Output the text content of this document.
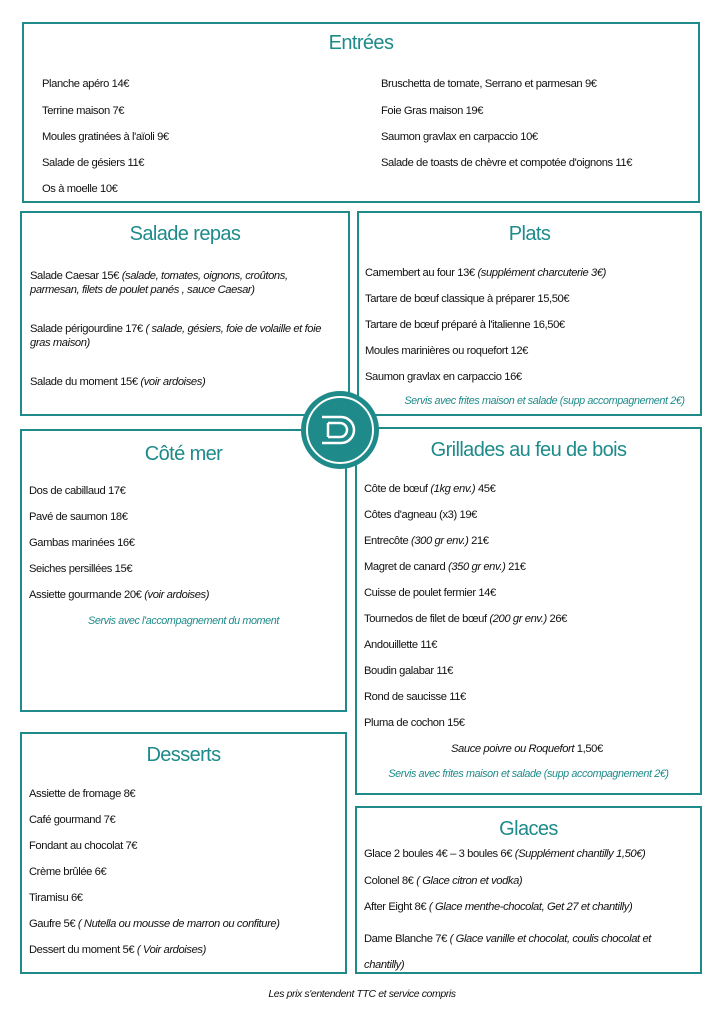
Entrées
Planche apéro 14€
Terrine maison 7€
Moules gratinées à l'aïoli 9€
Salade de gésiers 11€
Os à moelle 10€
Bruschetta de tomate, Serrano et parmesan 9€
Foie Gras maison 19€
Saumon gravlax en carpaccio 10€
Salade de toasts de chèvre et compotée d'oignons 11€
Salade repas
Salade Caesar 15€ (salade, tomates, oignons, croûtons, parmesan, filets de poulet panés , sauce Caesar)
Salade périgourdine 17€ ( salade, gésiers, foie de volaille et foie gras maison)
Salade du moment 15€ (voir ardoises)
Plats
Camembert au four 13€ (supplément charcuterie 3€)
Tartare de bœuf classique à préparer 15,50€
Tartare de bœuf préparé à l'italienne 16,50€
Moules marinières ou roquefort 12€
Saumon gravlax en carpaccio 16€
Servis avec frites maison et salade (supp accompagnement 2€)
Côté mer
Dos de cabillaud 17€
Pavé de saumon 18€
Gambas marinées 16€
Seiches persillées 15€
Assiette gourmande 20€ (voir ardoises)
Servis avec l'accompagnement du moment
Grillades au feu de bois
Côte de bœuf (1kg env.) 45€
Côtes d'agneau (x3) 19€
Entrecôte (300 gr env.) 21€
Magret de canard (350 gr env.) 21€
Cuisse de poulet fermier 14€
Tournedos de filet de bœuf (200 gr env.) 26€
Andouillette 11€
Boudin galabar 11€
Rond de saucisse 11€
Pluma de cochon 15€
Sauce poivre ou Roquefort 1,50€
Servis avec frites maison et salade (supp accompagnement 2€)
Desserts
Assiette de fromage 8€
Café gourmand 7€
Fondant au chocolat 7€
Crème brûlée 6€
Tiramisu 6€
Gaufre 5€ ( Nutella ou mousse de marron ou confiture)
Dessert du moment 5€ ( Voir ardoises)
Glaces
Glace 2 boules 4€ – 3 boules 6€ (Supplément chantilly 1,50€)
Colonel 8€ ( Glace citron et vodka)
After Eight 8€ ( Glace menthe-chocolat, Get 27 et chantilly)
Dame Blanche 7€ ( Glace vanille et chocolat, coulis chocolat et chantilly)
Les prix s'entendent TTC et service compris
